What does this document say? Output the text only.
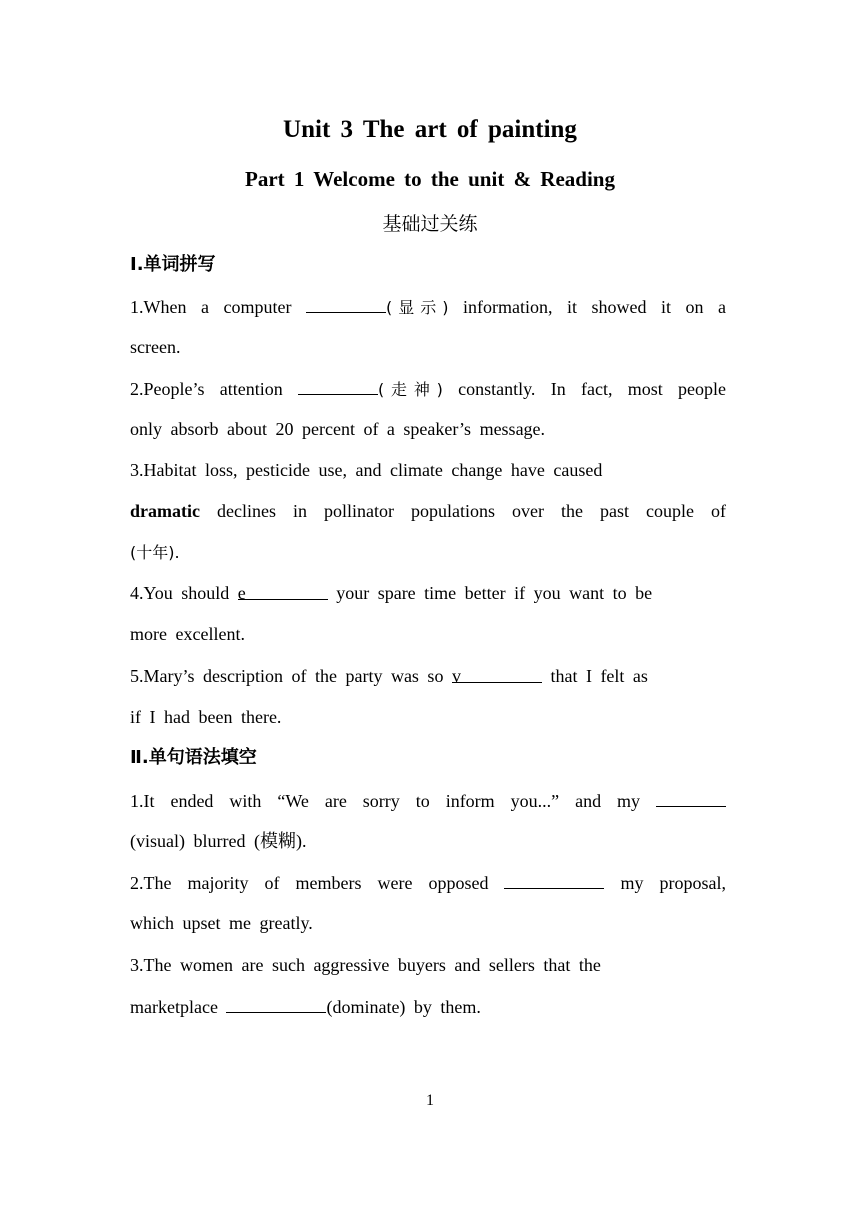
Unit 3 The art of painting
Part 1 Welcome to the unit & Reading
基础过关练
Ⅰ.单词拼写
1.When a computer	(显示) information, it showed it on a
screen.
2.People’s attention	(走神) constantly. In fact, most people
only absorb about 20 percent of a speaker’s message.
3.Habitat loss, pesticide use, and climate change have caused
dramatic declines in pollinator populations over the past couple of
(十年).
4.You should e	your spare time better if you want to be
more excellent.
5.Mary’s description of the party was so v	that I felt as
if I had been there.
Ⅱ.单句语法填空
1.It ended with “We are sorry to inform you...” and my
(visual) blurred (模糊).
2.The majority of members were opposed	my proposal,
which upset me greatly.
3.The women are such aggressive buyers and sellers that the
marketplace	(dominate) by them.
1
